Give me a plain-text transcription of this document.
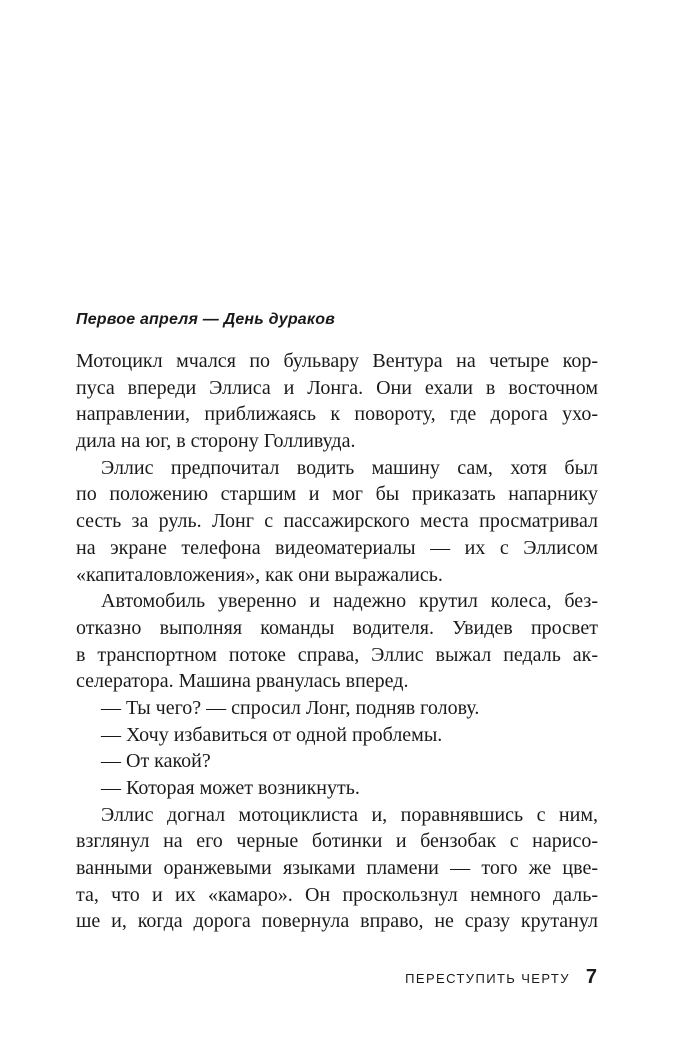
Первое апреля — День дураков
Мотоцикл мчался по бульвару Вентура на четыре кор-
пуса впереди Эллиса и Лонга. Они ехали в восточном
направлении, приближаясь к повороту, где дорога ухо-
дила на юг, в сторону Голливуда.
Эллис предпочитал водить машину сам, хотя был
по положению старшим и мог бы приказать напарнику
сесть за руль. Лонг с пассажирского места просматривал
на экране телефона видеоматериалы — их с Эллисом
«капиталовложения», как они выражались.
Автомобиль уверенно и надежно крутил колеса, без-
отказно выполняя команды водителя. Увидев просвет
в транспортном потоке справа, Эллис выжал педаль ак-
селератора. Машина рванулась вперед.
— Ты чего? — спросил Лонг, подняв голову.
— Хочу избавиться от одной проблемы.
— От какой?
— Которая может возникнуть.
Эллис догнал мотоциклиста и, поравнявшись с ним,
взглянул на его черные ботинки и бензобак с нарисо-
ванными оранжевыми языками пламени — того же цве-
та, что и их «камаро». Он проскользнул немного даль-
ше и, когда дорога повернула вправо, не сразу крутанул
ПЕРЕСТУПИТЬ ЧЕРТУ 7
